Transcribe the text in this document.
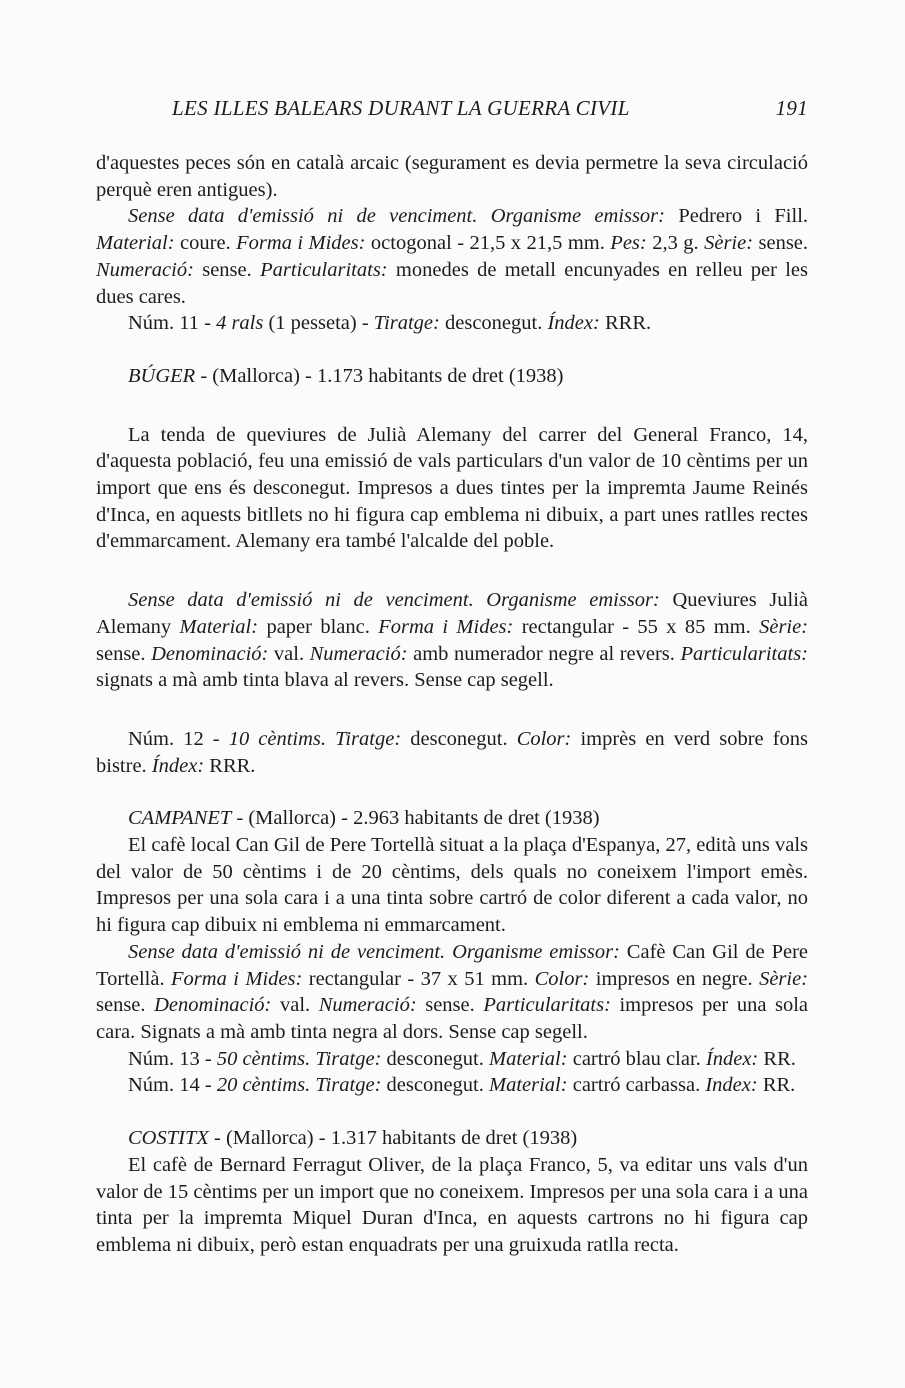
LES ILLES BALEARS DURANT LA GUERRA CIVIL	191

d'aquestes peces són en català arcaic (segurament es devia permetre la seva circulació perquè eren antigues).

Sense data d'emissió ni de venciment. Organisme emissor: Pedrero i Fill. Material: coure. Forma i Mides: octogonal - 21,5 x 21,5 mm. Pes: 2,3 g. Sèrie: sense. Numeració: sense. Particularitats: monedes de metall encunyades en relleu per les dues cares.

Núm. 11 - 4 rals (1 pesseta) - Tiratge: desconegut. Índex: RRR.

BÚGER - (Mallorca) - 1.173 habitants de dret (1938)

La tenda de queviures de Julià Alemany del carrer del General Franco, 14, d'aquesta població, feu una emissió de vals particulars d'un valor de 10 cèntims per un import que ens és desconegut. Impresos a dues tintes per la impremta Jaume Reinés d'Inca, en aquests bitllets no hi figura cap emblema ni dibuix, a part unes ratlles rectes d'emmarcament. Alemany era també l'alcalde del poble.

Sense data d'emissió ni de venciment. Organisme emissor: Queviures Julià Alemany Material: paper blanc. Forma i Mides: rectangular - 55 x 85 mm. Sèrie: sense. Denominació: val. Numeració: amb numerador negre al revers. Particularitats: signats a mà amb tinta blava al revers. Sense cap segell.

Núm. 12 - 10 cèntims. Tiratge: desconegut. Color: imprès en verd sobre fons bistre. Índex: RRR.

CAMPANET - (Mallorca) - 2.963 habitants de dret (1938)

El cafè local Can Gil de Pere Tortellà situat a la plaça d'Espanya, 27, edità uns vals del valor de 50 cèntims i de 20 cèntims, dels quals no coneixem l'import emès. Impresos per una sola cara i a una tinta sobre cartró de color diferent a cada valor, no hi figura cap dibuix ni emblema ni emmarcament.

Sense data d'emissió ni de venciment. Organisme emissor: Cafè Can Gil de Pere Tortellà. Forma i Mides: rectangular - 37 x 51 mm. Color: impresos en negre. Sèrie: sense. Denominació: val. Numeració: sense. Particularitats: impresos per una sola cara. Signats a mà amb tinta negra al dors. Sense cap segell.

Núm. 13 - 50 cèntims. Tiratge: desconegut. Material: cartró blau clar. Índex: RR.

Núm. 14 - 20 cèntims. Tiratge: desconegut. Material: cartró carbassa. Index: RR.

COSTITX - (Mallorca) - 1.317 habitants de dret (1938)

El cafè de Bernard Ferragut Oliver, de la plaça Franco, 5, va editar uns vals d'un valor de 15 cèntims per un import que no coneixem. Impresos per una sola cara i a una tinta per la impremta Miquel Duran d'Inca, en aquests cartrons no hi figura cap emblema ni dibuix, però estan enquadrats per una gruixuda ratlla recta.
